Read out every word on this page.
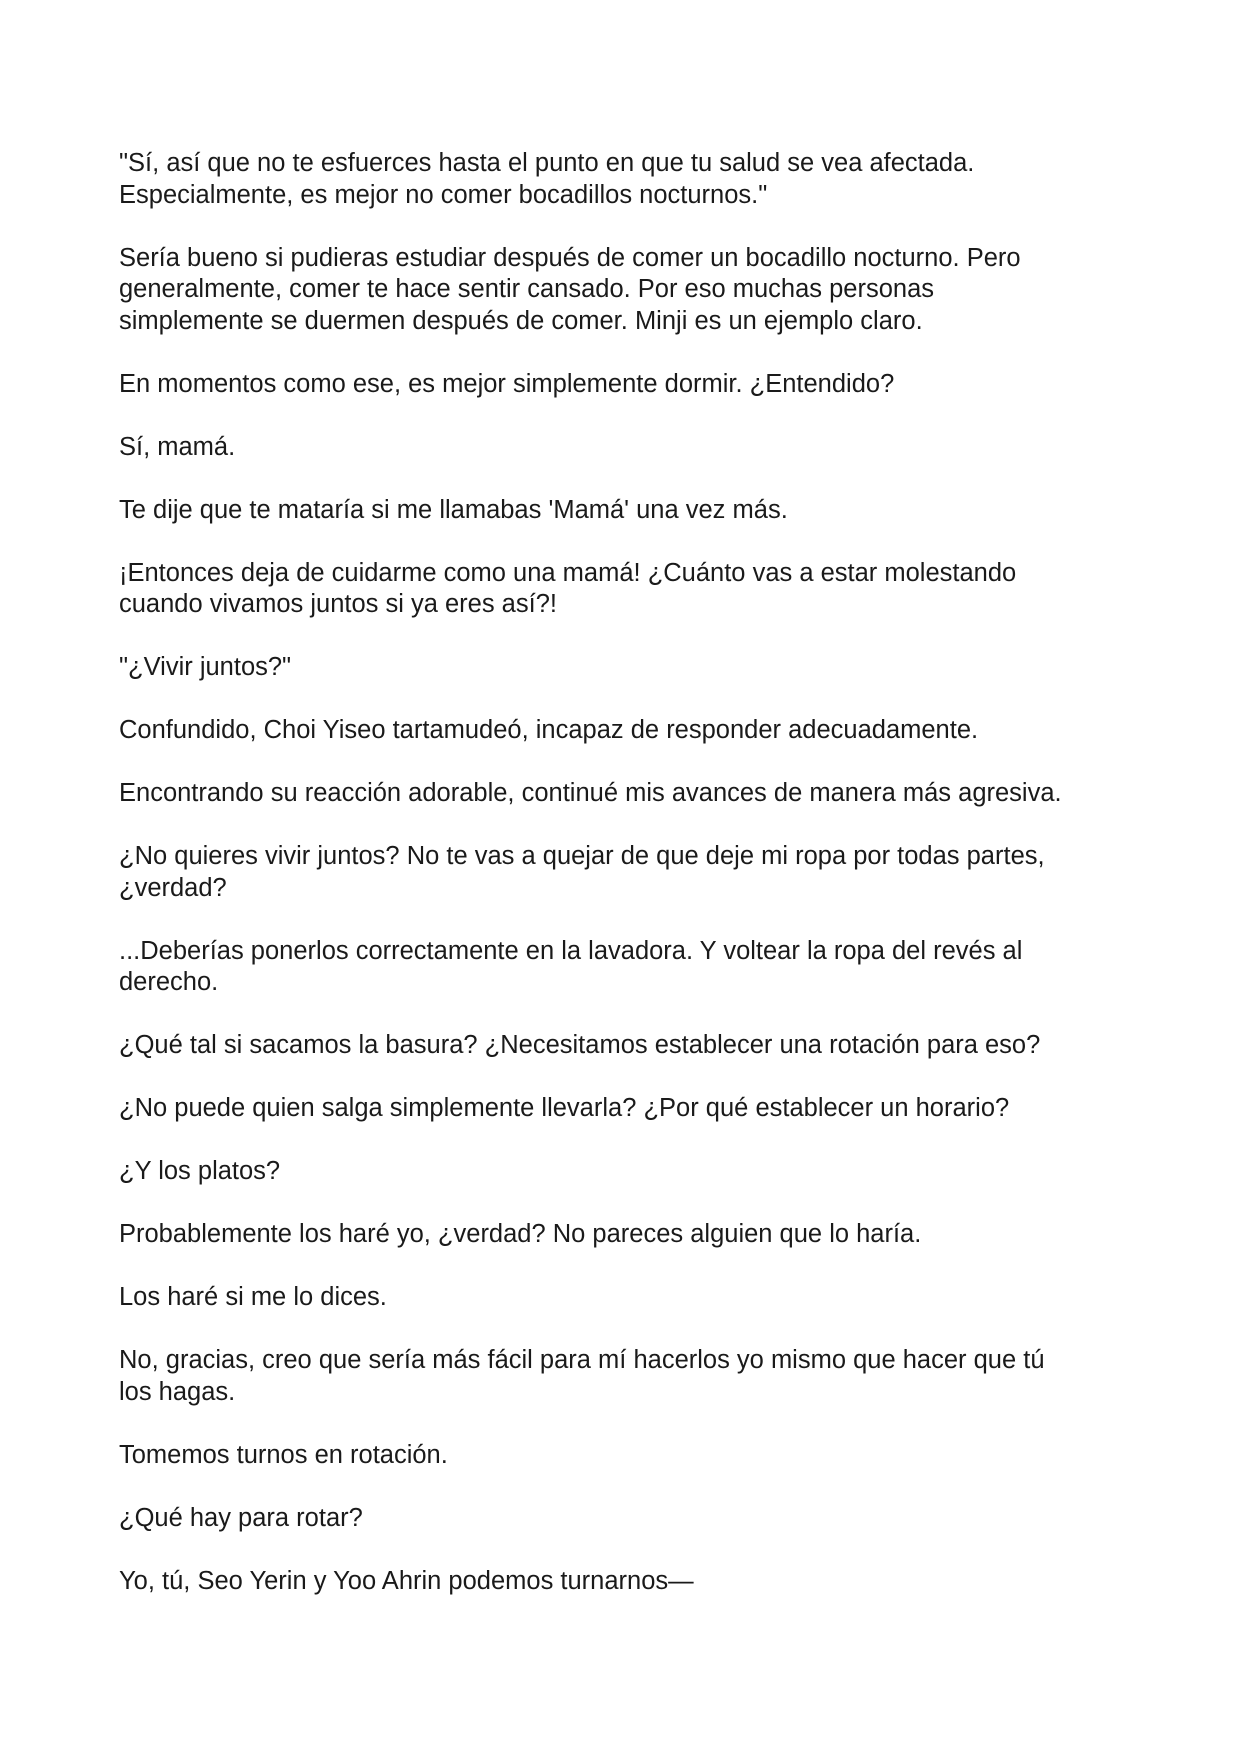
"Sí, así que no te esfuerces hasta el punto en que tu salud se vea afectada.
Especialmente, es mejor no comer bocadillos nocturnos."

Sería bueno si pudieras estudiar después de comer un bocadillo nocturno. Pero
generalmente, comer te hace sentir cansado. Por eso muchas personas
simplemente se duermen después de comer. Minji es un ejemplo claro.

En momentos como ese, es mejor simplemente dormir. ¿Entendido?

Sí, mamá.

Te dije que te mataría si me llamabas 'Mamá' una vez más.

¡Entonces deja de cuidarme como una mamá! ¿Cuánto vas a estar molestando
cuando vivamos juntos si ya eres así?!

"¿Vivir juntos?"

Confundido, Choi Yiseo tartamudeó, incapaz de responder adecuadamente.

Encontrando su reacción adorable, continué mis avances de manera más agresiva.

¿No quieres vivir juntos? No te vas a quejar de que deje mi ropa por todas partes,
¿verdad?

...Deberías ponerlos correctamente en la lavadora. Y voltear la ropa del revés al
derecho.

¿Qué tal si sacamos la basura? ¿Necesitamos establecer una rotación para eso?

¿No puede quien salga simplemente llevarla? ¿Por qué establecer un horario?

¿Y los platos?

Probablemente los haré yo, ¿verdad? No pareces alguien que lo haría.

Los haré si me lo dices.

No, gracias, creo que sería más fácil para mí hacerlos yo mismo que hacer que tú
los hagas.

Tomemos turnos en rotación.

¿Qué hay para rotar?

Yo, tú, Seo Yerin y Yoo Ahrin podemos turnarnos—
